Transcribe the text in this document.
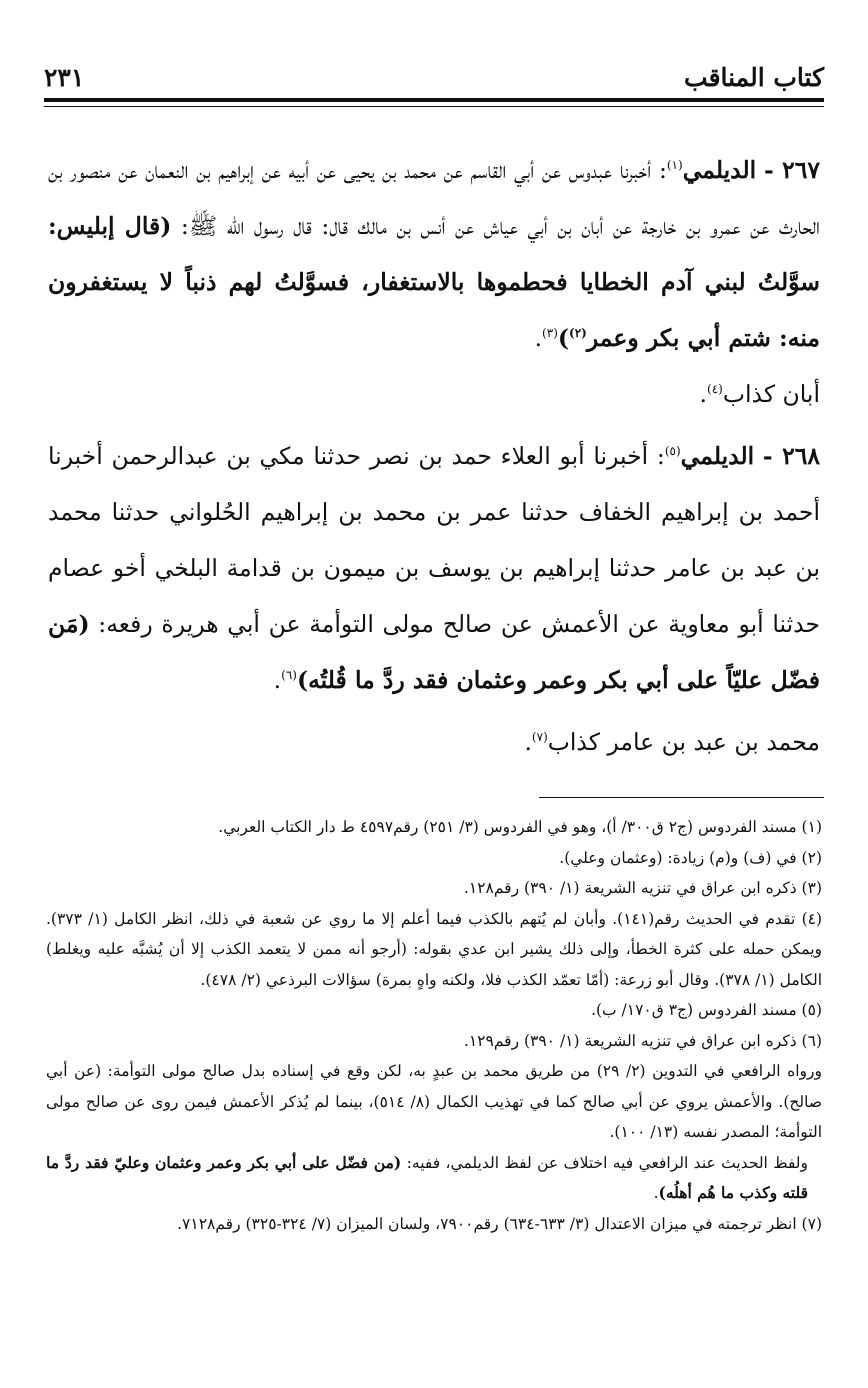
كتاب المناقب
٢٣١

٢٦٧ - الديلمي$^{(١)}$: أخبرنا عبدوس عن أبي القاسم عن محمد بن يحيى عن أبيه عن إبراهيم بن النعمان عن منصور بن الحارث عن عمرو بن خارجة عن أبان بن أبي عياش عن أنس بن مالك قال: قال رسول الله ﷺ: (قال إبليس: سوَّلتُ لبني آدم الخطايا فحطموها بالاستغفار، فسوَّلتُ لهم ذنباً لا يستغفرون منه: شتم أبي بكر وعمر$^{(٢)}$)$^{(٣)}$.

أبان كذاب$^{(٤)}$.

٢٦٨ - الديلمي$^{(٥)}$: أخبرنا أبو العلاء حمد بن نصر حدثنا مكي بن عبدالرحمن أخبرنا أحمد بن إبراهيم الخفاف حدثنا عمر بن محمد بن إبراهيم الحُلواني حدثنا محمد بن عبد بن عامر حدثنا إبراهيم بن يوسف بن ميمون بن قدامة البلخي أخو عصام حدثنا أبو معاوية عن الأعمش عن صالح مولى التوأمة عن أبي هريرة رفعه: (مَن فضّل عليّاً على أبي بكر وعمر وعثمان فقد ردَّ ما قُلتُه)$^{(٦)}$.

محمد بن عبد بن عامر كذاب$^{(٧)}$.

(١) مسند الفردوس (ج٢ ق٣٠٠/ أ)، وهو في الفردوس (٣/ ٢٥١) رقم٤٥٩٧ ط دار الكتاب العربي.

(٢) في (ف) و(م) زيادة: (وعثمان وعلي).

(٣) ذكره ابن عراق في تنزيه الشريعة (١/ ٣٩٠) رقم١٢٨.

(٤) تقدم في الحديث رقم(١٤١). وأبان لم يُتهم بالكذب فيما أعلم إلا ما روي عن شعبة في ذلك، انظر الكامل (١/ ٣٧٣). ويمكن حمله على كثرة الخطأ، وإلى ذلك يشير ابن عدي بقوله: (أرجو أنه ممن لا يتعمد الكذب إلا أن يُشبَّه عليه ويغلط) الكامل (١/ ٣٧٨). وقال أبو زرعة: (أمّا تعمّد الكذب فلا، ولكنه واهٍ بمرة) سؤالات البرذعي (٢/ ٤٧٨).

(٥) مسند الفردوس (ج٣ ق١٧٠/ ب).

(٦) ذكره ابن عراق في تنزيه الشريعة (١/ ٣٩٠) رقم١٢٩.

ورواه الرافعي في التدوين (٢/ ٢٩) من طريق محمد بن عبدٍ به، لكن وقع في إسناده بدل صالح مولى التوأمة: (عن أبي صالح). والأعمش يروي عن أبي صالح كما في تهذيب الكمال (٨/ ٥١٤)، بينما لم يُذكر الأعمش فيمن روى عن صالح مولى التوأمة؛ المصدر نفسه (١٣/ ١٠٠).

ولفظ الحديث عند الرافعي فيه اختلاف عن لفظ الديلمي، ففيه: (من فضّل على أبي بكر وعمر وعثمان وعليّ فقد ردَّ ما قلته وكذب ما هُم أهلُه).

(٧) انظر ترجمته في ميزان الاعتدال (٣/ ٦٣٣-٦٣٤) رقم٧٩٠٠، ولسان الميزان (٧/ ٣٢٤-٣٢٥) رقم٧١٢٨.
